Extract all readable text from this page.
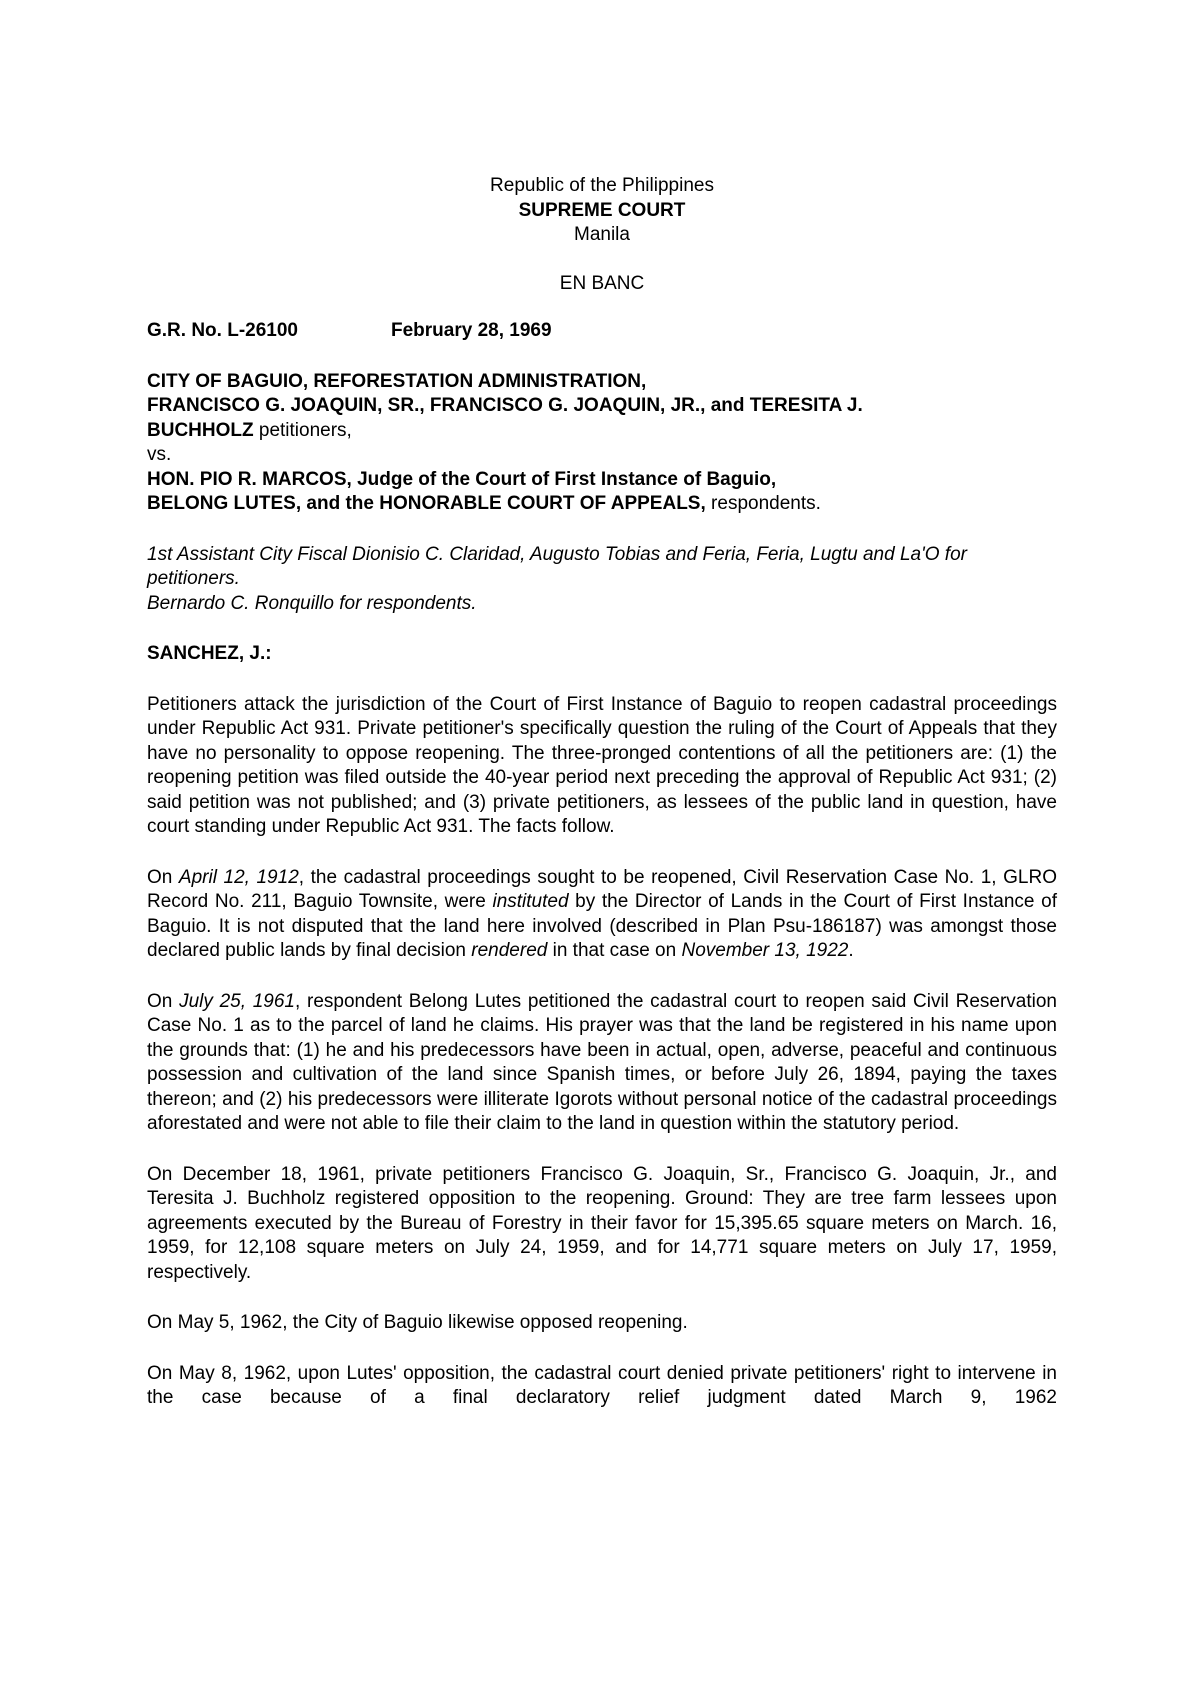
Republic of the Philippines
SUPREME COURT
Manila
EN BANC
G.R. No. L-26100	February 28, 1969
CITY OF BAGUIO, REFORESTATION ADMINISTRATION,
FRANCISCO G. JOAQUIN, SR., FRANCISCO G. JOAQUIN, JR., and TERESITA J.
BUCHHOLZ petitioners,
vs.
HON. PIO R. MARCOS, Judge of the Court of First Instance of Baguio,
BELONG LUTES, and the HONORABLE COURT OF APPEALS, respondents.
1st Assistant City Fiscal Dionisio C. Claridad, Augusto Tobias and Feria, Feria, Lugtu and La'O for petitioners.
Bernardo C. Ronquillo for respondents.
SANCHEZ, J.:

Petitioners attack the jurisdiction of the Court of First Instance of Baguio to reopen cadastral proceedings under Republic Act 931. Private petitioner's specifically question the ruling of the Court of Appeals that they have no personality to oppose reopening. The three-pronged contentions of all the petitioners are: (1) the reopening petition was filed outside the 40-year period next preceding the approval of Republic Act 931; (2) said petition was not published; and (3) private petitioners, as lessees of the public land in question, have court standing under Republic Act 931. The facts follow.

On April 12, 1912, the cadastral proceedings sought to be reopened, Civil Reservation Case No. 1, GLRO Record No. 211, Baguio Townsite, were instituted by the Director of Lands in the Court of First Instance of Baguio. It is not disputed that the land here involved (described in Plan Psu-186187) was amongst those declared public lands by final decision rendered in that case on November 13, 1922.

On July 25, 1961, respondent Belong Lutes petitioned the cadastral court to reopen said Civil Reservation Case No. 1 as to the parcel of land he claims. His prayer was that the land be registered in his name upon the grounds that: (1) he and his predecessors have been in actual, open, adverse, peaceful and continuous possession and cultivation of the land since Spanish times, or before July 26, 1894, paying the taxes thereon; and (2) his predecessors were illiterate Igorots without personal notice of the cadastral proceedings aforestated and were not able to file their claim to the land in question within the statutory period.

On December 18, 1961, private petitioners Francisco G. Joaquin, Sr., Francisco G. Joaquin, Jr., and Teresita J. Buchholz registered opposition to the reopening. Ground: They are tree farm lessees upon agreements executed by the Bureau of Forestry in their favor for 15,395.65 square meters on March. 16, 1959, for 12,108 square meters on July 24, 1959, and for 14,771 square meters on July 17, 1959, respectively.

On May 5, 1962, the City of Baguio likewise opposed reopening.

On May 8, 1962, upon Lutes' opposition, the cadastral court denied private petitioners' right to intervene in the case because of a final declaratory relief judgment dated March 9, 1962
